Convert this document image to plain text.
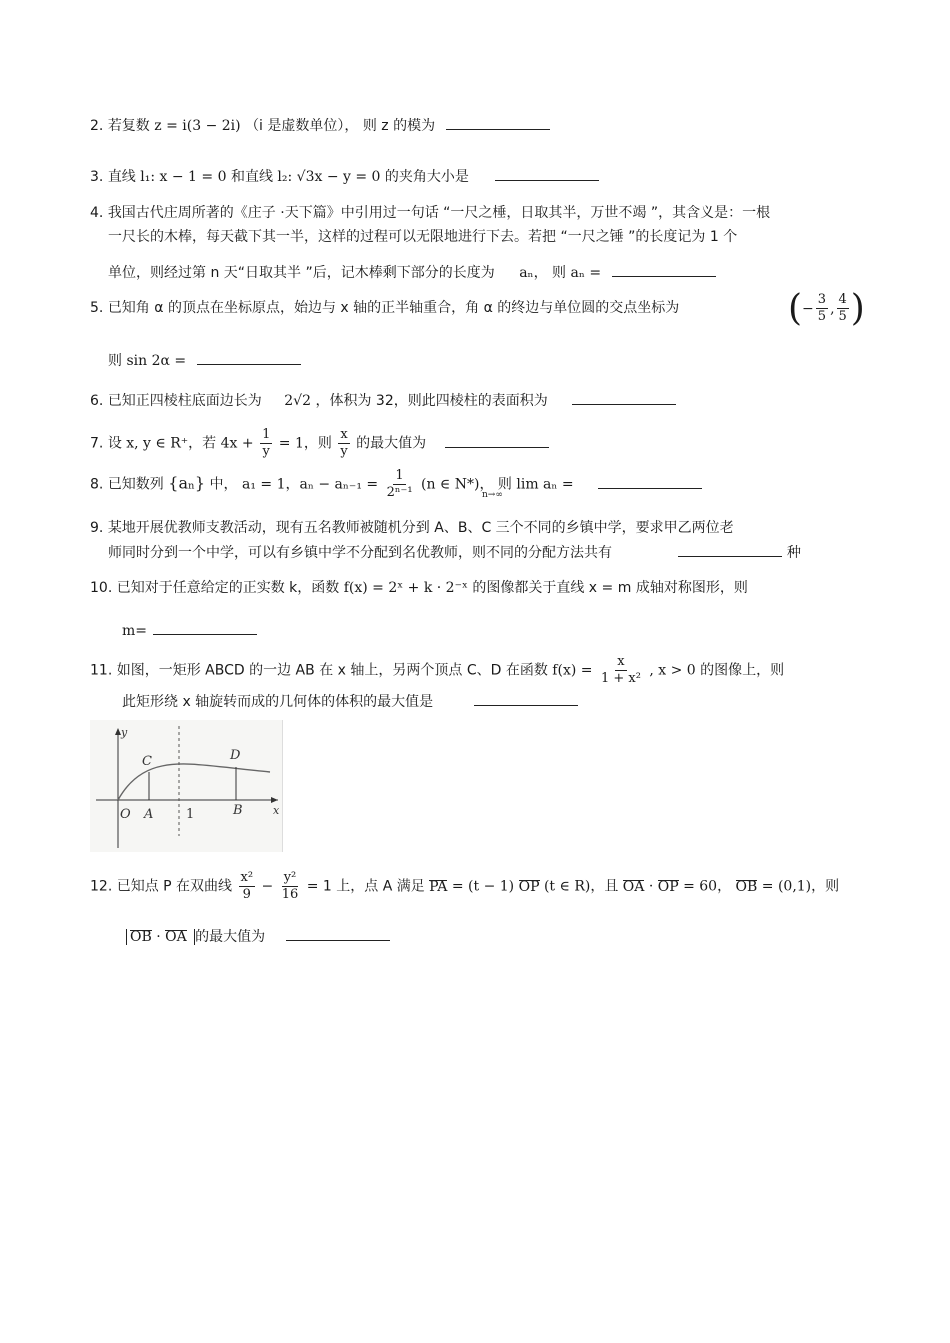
2. 若复数 z = i(3 − 2i) （i 是虚数单位）， 则 z 的模为
3. 直线 l₁: x − 1 = 0 和直线 l₂: √3x − y = 0 的夹角大小是
4. 我国古代庄周所著的《庄子 ·天下篇》中引用过一句话 “一尺之棰，日取其半，万世不竭 ”，其含义是：一根
一尺长的木棒，每天截下其一半，这样的过程可以无限地进行下去。若把 “一尺之锤 ”的长度记为 1 个
单位，则经过第 n 天“日取其半 ”后，记木棒剩下部分的长度为 aₙ， 则 aₙ =
5. 已知角 α 的顶点在坐标原点，始边与 x 轴的正半轴重合，角 α 的终边与单位圆的交点坐标为	( − $\frac{3}{5}$ , $\frac{4}{5}$ )
则 sin 2α =
6. 已知正四棱柱底面边长为 2√2 ，体积为 32，则此四棱柱的表面积为
7. 设 x, y ∈ R⁺，若 $4x + \frac{1}{y} = 1$，则 $\frac{x}{y}$ 的最大值为
8. 已知数列 {aₙ} 中， a₁ = 1，$a_n - a_{n-1} = \frac{1}{\text{2ⁿ⁻¹}} (n$ ∈ N*)， 则 lim aₙ =
n→∞
9. 某地开展优教师支教活动，现有五名教师被随机分到 A、B、C 三个不同的乡镇中学，要求甲乙两位老
师同时分到一个中学，可以有乡镇中学不分配到名优教师，则不同的分配方法共有	种
10. 已知对于任意给定的正实数 k，函数 f(x) = 2ˣ + k · 2⁻ˣ 的图像都关于直线 x = m 成轴对称图形，则
m=
11. 如图，一矩形 ABCD 的一边 AB 在 x 轴上，另两个顶点 C、D 在函数 $f(x) = \frac{x}{\text{1 + x²}}$ , x > 0 的图像上，则
此矩形绕 x 轴旋转而成的几何体的体积的最大值是
C	D
O A	1	B	x
y
12. 已知点 P 在双曲线 $\frac{\text{x²}}{9} - \frac{\text{y²}}{16} = 1$ 上，点 A 满足 PA = (t − 1) OP (t ∈ R)，且 OA · OP = 60， OB = (0,1)，则
OB · OA 的最大值为
